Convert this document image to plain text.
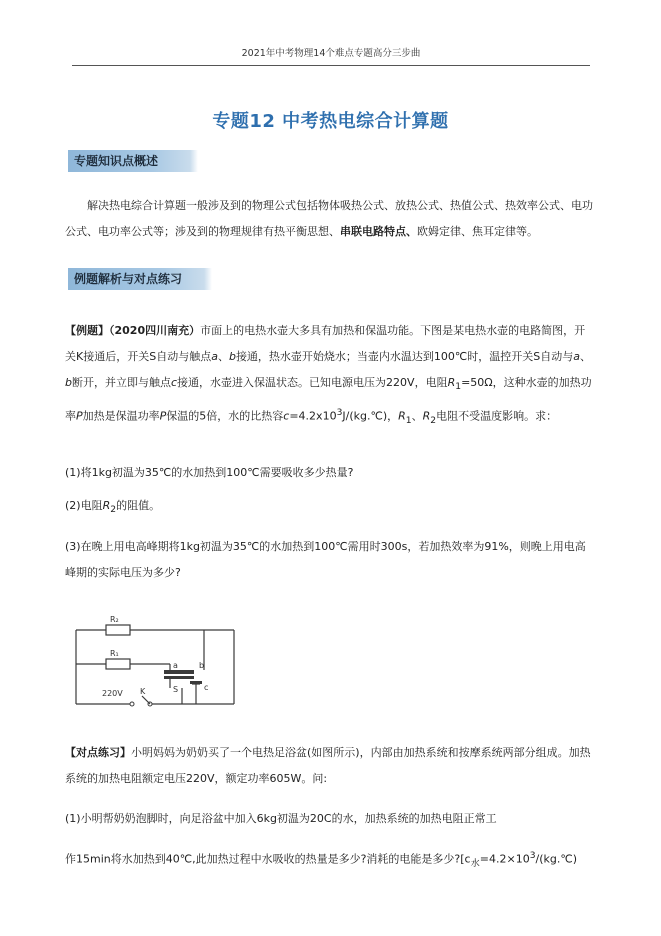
2021年中考物理14个难点专题高分三步曲
专题12 中考热电综合计算题
专题知识点概述
解决热电综合计算题一般涉及到的物理公式包括物体吸热公式、放热公式、热值公式、热效率公式、电功公式、电功率公式等；涉及到的物理规律有热平衡思想、串联电路特点、欧姆定律、焦耳定律等。
例题解析与对点练习
【例题】（2020四川南充）市面上的电热水壶大多具有加热和保温功能。下图是某电热水壶的电路简图，开关K接通后，开关S自动与触点a、b接通，热水壶开始烧水；当壶内水温达到100℃时，温控开关S自动与a、b断开，并立即与触点c接通，水壶进入保温状态。已知电源电压为220V，电阻$R_1=50\Omega$，这种水壶的加热功率P加热是保温功率P保温的5倍，水的比热容$c=4.2x10^3J/(kg.℃)$，$R_1$、$R_2$电阻不受温度影响。求：
(1)将1kg初温为35℃的水加热到100℃需要吸收多少热量?
(2)电阻$R_2$的阻值。
(3)在晚上用电高峰期将1kg初温为35℃的水加热到100℃需用时300s，若加热效率为91%，则晚上用电高峰期的实际电压为多少?
R₂
R₁
a	b
S	c
220V K
【对点练习】小明妈妈为奶奶买了一个电热足浴盆(如图所示)，内部由加热系统和按摩系统两部分组成。加热系统的加热电阻额定电压220V，额定功率605W。问:
(1)小明帮奶奶泡脚时，向足浴盆中加入6kg初温为20C的水，加热系统的加热电阻正常工
作15min将水加热到40℃,此加热过程中水吸收的热量是多少?消耗的电能是多少$?[c_水=4.2\times 10^3/(kg.℃)$
